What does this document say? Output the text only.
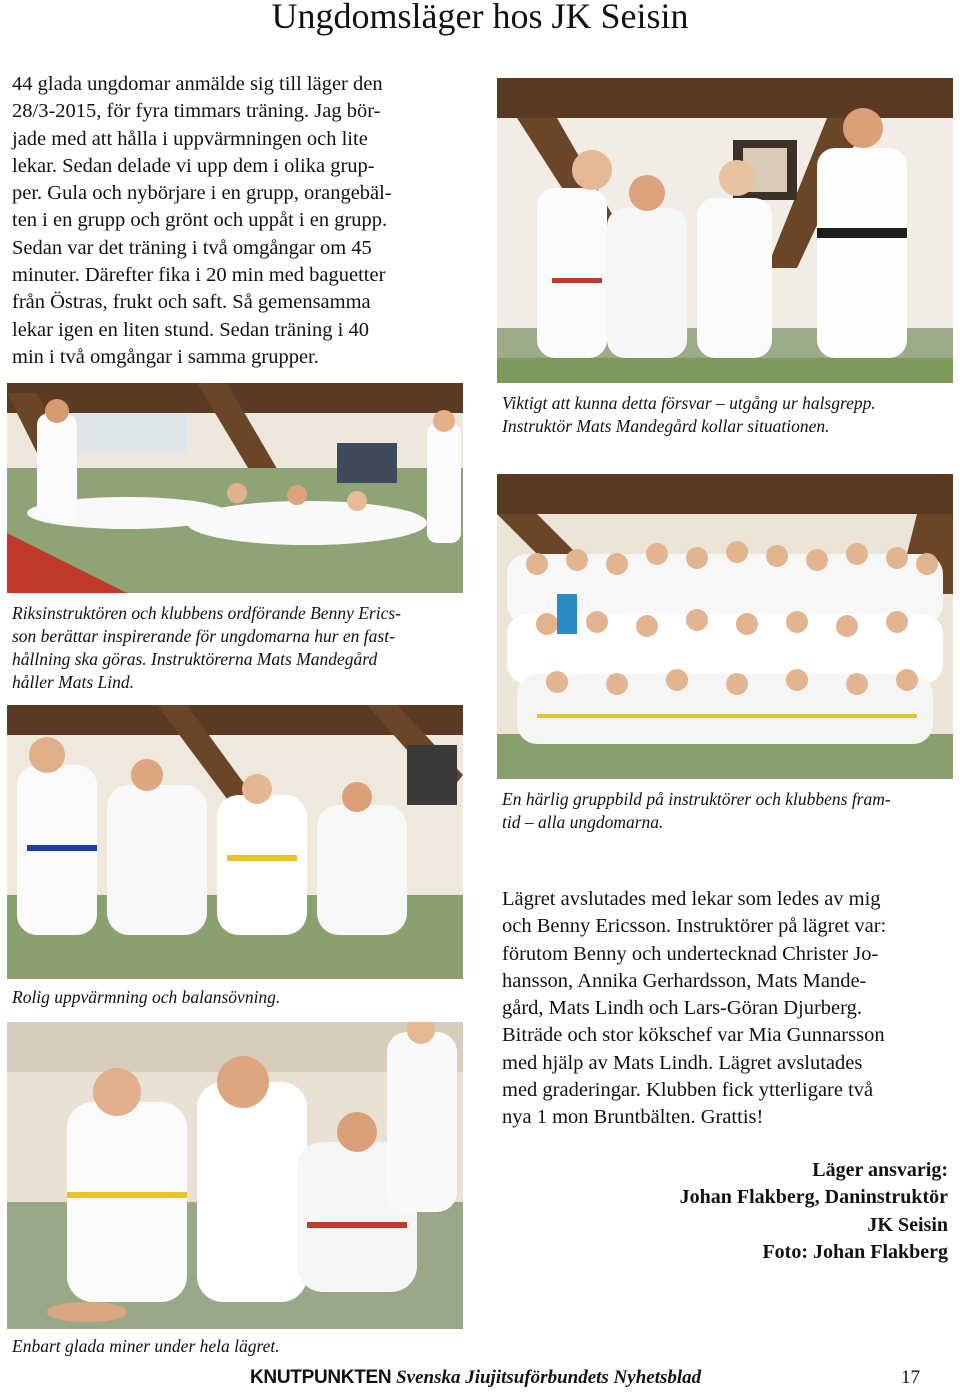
Ungdomsläger hos JK Seisin
44 glada ungdomar anmälde sig till läger den
28/3-2015, för fyra timmars träning. Jag bör-
jade med att hålla i uppvärmningen och lite
lekar. Sedan delade vi upp dem i olika grup-
per. Gula och nybörjare i en grupp, orangebäl-
ten i en grupp och grönt och uppåt i en grupp.
Sedan var det träning i två omgångar om 45
minuter. Därefter fika i 20 min med baguetter
från Östras, frukt och saft. Så gemensamma
lekar igen en liten stund. Sedan träning i 40
min i två omgångar i samma grupper.
Viktigt att kunna detta försvar – utgång ur halsgrepp.
Instruktör Mats Mandegård kollar situationen.
Riksinstruktören och klubbens ordförande Benny Erics-
son berättar inspirerande för ungdomarna hur en fast-
hållning ska göras. Instruktörerna Mats Mandegård
håller Mats Lind.
En härlig gruppbild på instruktörer och klubbens fram-
tid – alla ungdomarna.
Rolig uppvärmning och balansövning.
Lägret avslutades med lekar som ledes av mig
och Benny Ericsson. Instruktörer på lägret var:
förutom Benny och undertecknad Christer Jo-
hansson, Annika Gerhardsson, Mats Mande-
gård, Mats Lindh och Lars-Göran Djurberg.
Biträde och stor kökschef var Mia Gunnarsson
med hjälp av Mats Lindh. Lägret avslutades
med graderingar. Klubben fick ytterligare två
nya 1 mon Bruntbälten. Grattis!
Enbart glada miner under hela lägret.
Läger ansvarig:
Johan Flakberg, Daninstruktör
JK Seisin
Foto: Johan Flakberg
KNUTPUNKTEN Svenska Jiujitsuförbundets Nyhetsblad	17
